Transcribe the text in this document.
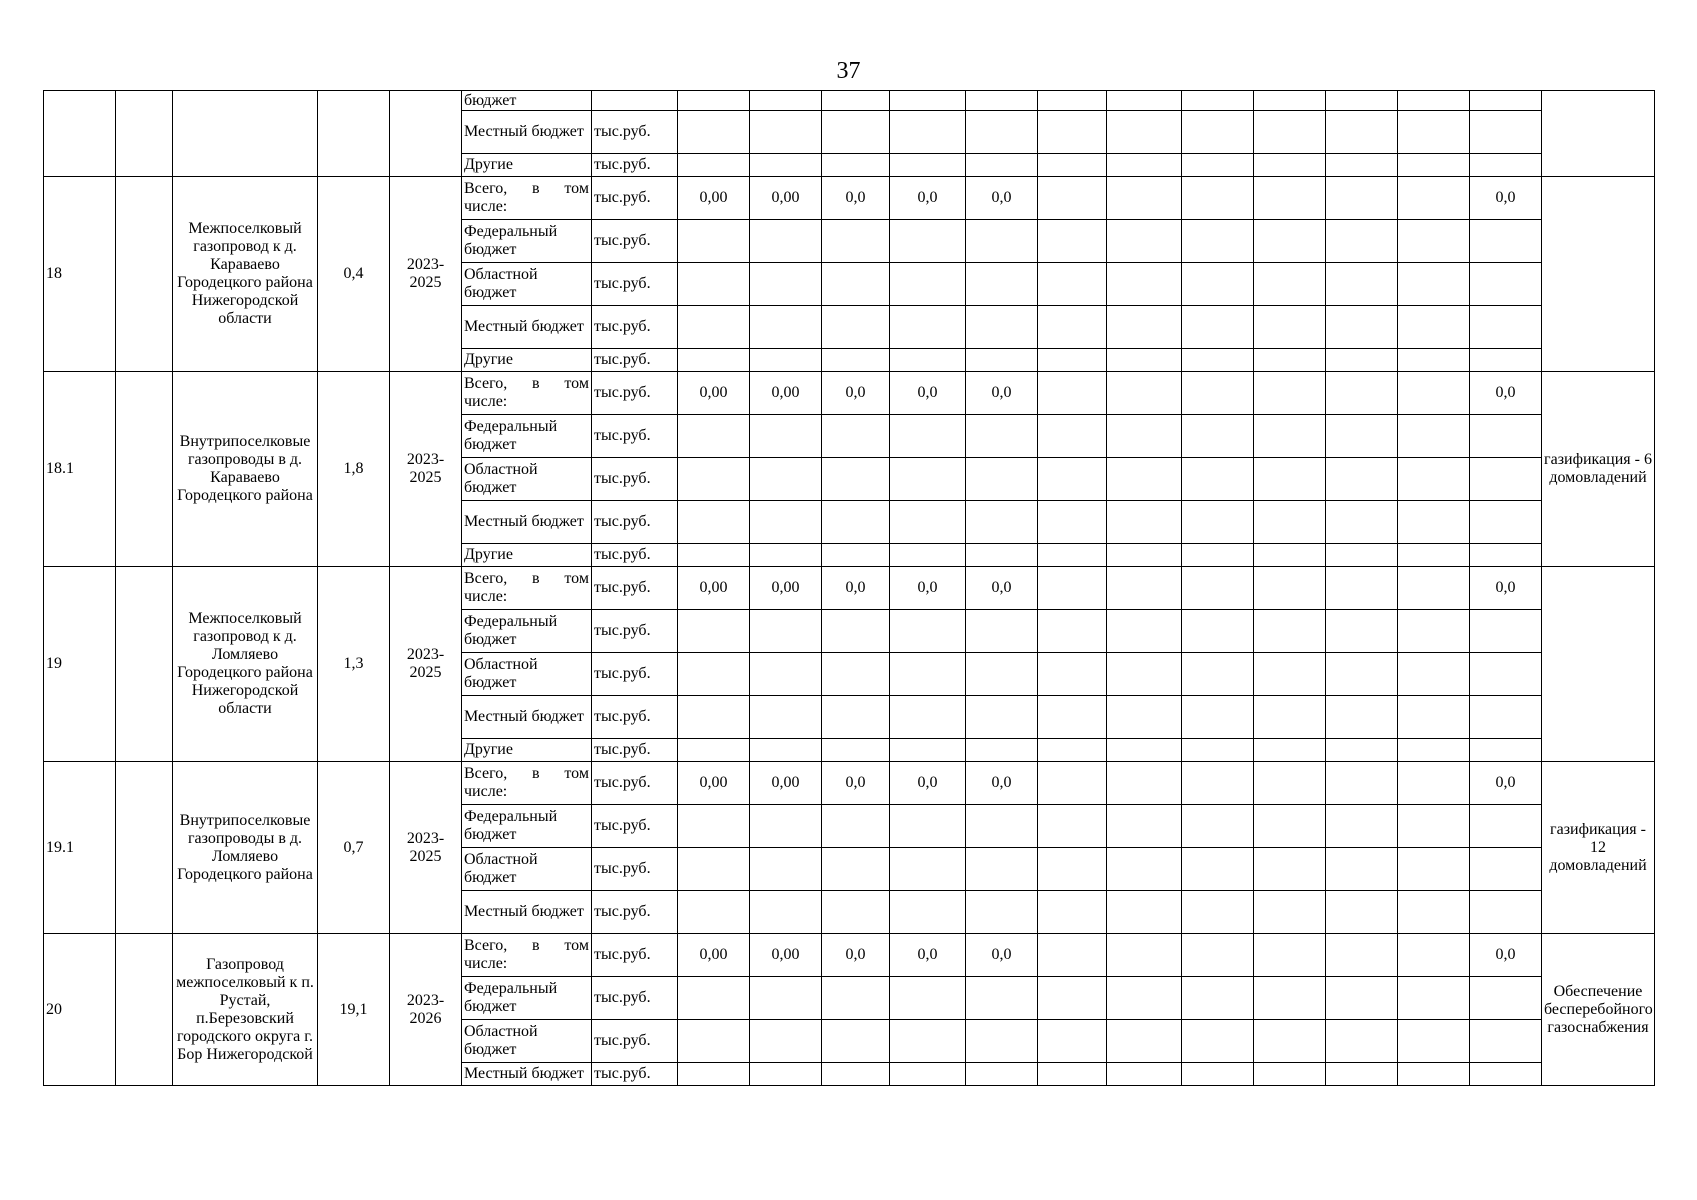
37
					бюджет														
					Местный бюджет	тыс.руб.													
					Другие	тыс.руб.													
18		Межпоселковый газопровод к д. Караваево Городецкого района Нижегородской области	0,4	2023-2025	Всего, в том числе:	тыс.руб.	0,00	0,00	0,0	0,0	0,0							0,0	
					Федеральный бюджет	тыс.руб.													
					Областной бюджет	тыс.руб.													
					Местный бюджет	тыс.руб.													
					Другие	тыс.руб.													
18.1		Внутрипоселковые газопроводы в д. Караваево Городецкого района	1,8	2023-2025	Всего, в том числе:	тыс.руб.	0,00	0,00	0,0	0,0	0,0							0,0	газификация - 6 домовладений
					Федеральный бюджет	тыс.руб.													
					Областной бюджет	тыс.руб.													
					Местный бюджет	тыс.руб.													
					Другие	тыс.руб.													
19		Межпоселковый газопровод к д. Ломляево Городецкого района Нижегородской области	1,3	2023-2025	Всего, в том числе:	тыс.руб.	0,00	0,00	0,0	0,0	0,0							0,0	
					Федеральный бюджет	тыс.руб.													
					Областной бюджет	тыс.руб.													
					Местный бюджет	тыс.руб.													
					Другие	тыс.руб.													
19.1		Внутрипоселковые газопроводы в д. Ломляево Городецкого района	0,7	2023-2025	Всего, в том числе:	тыс.руб.	0,00	0,00	0,0	0,0	0,0							0,0	газификация - 12 домовладений
					Федеральный бюджет	тыс.руб.													
					Областной бюджет	тыс.руб.													
					Местный бюджет	тыс.руб.													
20		Газопровод межпоселковый к п. Рустай, п.Березовский городского округа г. Бор Нижегородской	19,1	2023-2026	Всего, в том числе:	тыс.руб.	0,00	0,00	0,0	0,0	0,0							0,0	Обеспечение бесперебойного газоснабжения
					Федеральный бюджет	тыс.руб.													
					Областной бюджет	тыс.руб.													
					Местный бюджет	тыс.руб.													
